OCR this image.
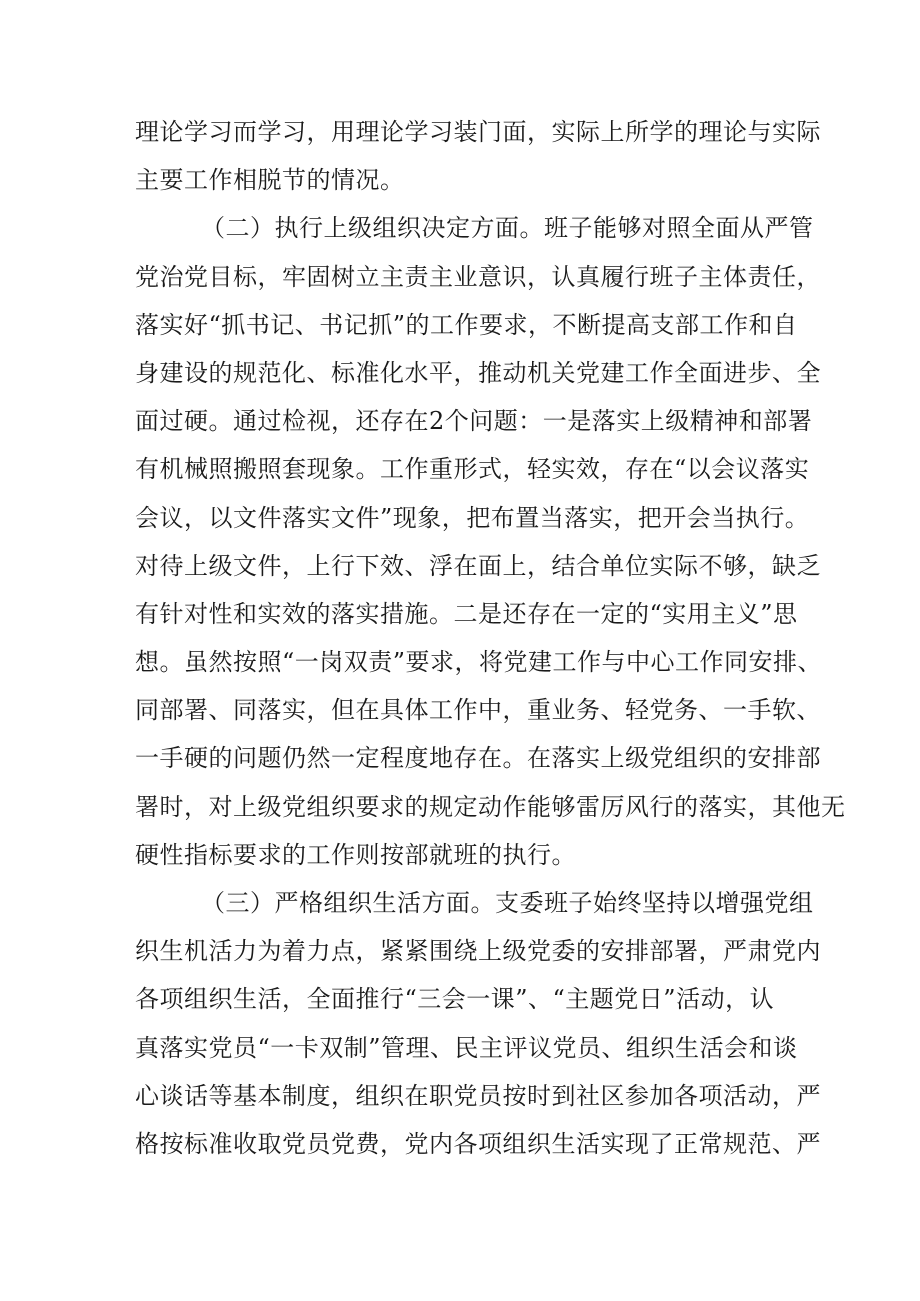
理论学习而学习，用理论学习装门面，实际上所学的理论与实际
主要工作相脱节的情况。
（二）执行上级组织决定方面。班子能够对照全面从严管
党治党目标，牢固树立主责主业意识，认真履行班子主体责任，
落实好“抓书记、书记抓”的工作要求，不断提高支部工作和自
身建设的规范化、标准化水平，推动机关党建工作全面进步、全
面过硬。通过检视，还存在2个问题：一是落实上级精神和部署
有机械照搬照套现象。工作重形式，轻实效，存在“以会议落实
会议，以文件落实文件”现象，把布置当落实，把开会当执行。
对待上级文件，上行下效、浮在面上，结合单位实际不够，缺乏
有针对性和实效的落实措施。二是还存在一定的“实用主义”思
想。虽然按照“一岗双责”要求，将党建工作与中心工作同安排、
同部署、同落实，但在具体工作中，重业务、轻党务、一手软、
一手硬的问题仍然一定程度地存在。在落实上级党组织的安排部
署时，对上级党组织要求的规定动作能够雷厉风行的落实，其他无
硬性指标要求的工作则按部就班的执行。
（三）严格组织生活方面。支委班子始终坚持以增强党组
织生机活力为着力点，紧紧围绕上级党委的安排部署，严肃党内
各项组织生活，全面推行“三会一课”、“主题党日”活动，认
真落实党员“一卡双制”管理、民主评议党员、组织生活会和谈
心谈话等基本制度，组织在职党员按时到社区参加各项活动，严
格按标准收取党员党费，党内各项组织生活实现了正常规范、严
